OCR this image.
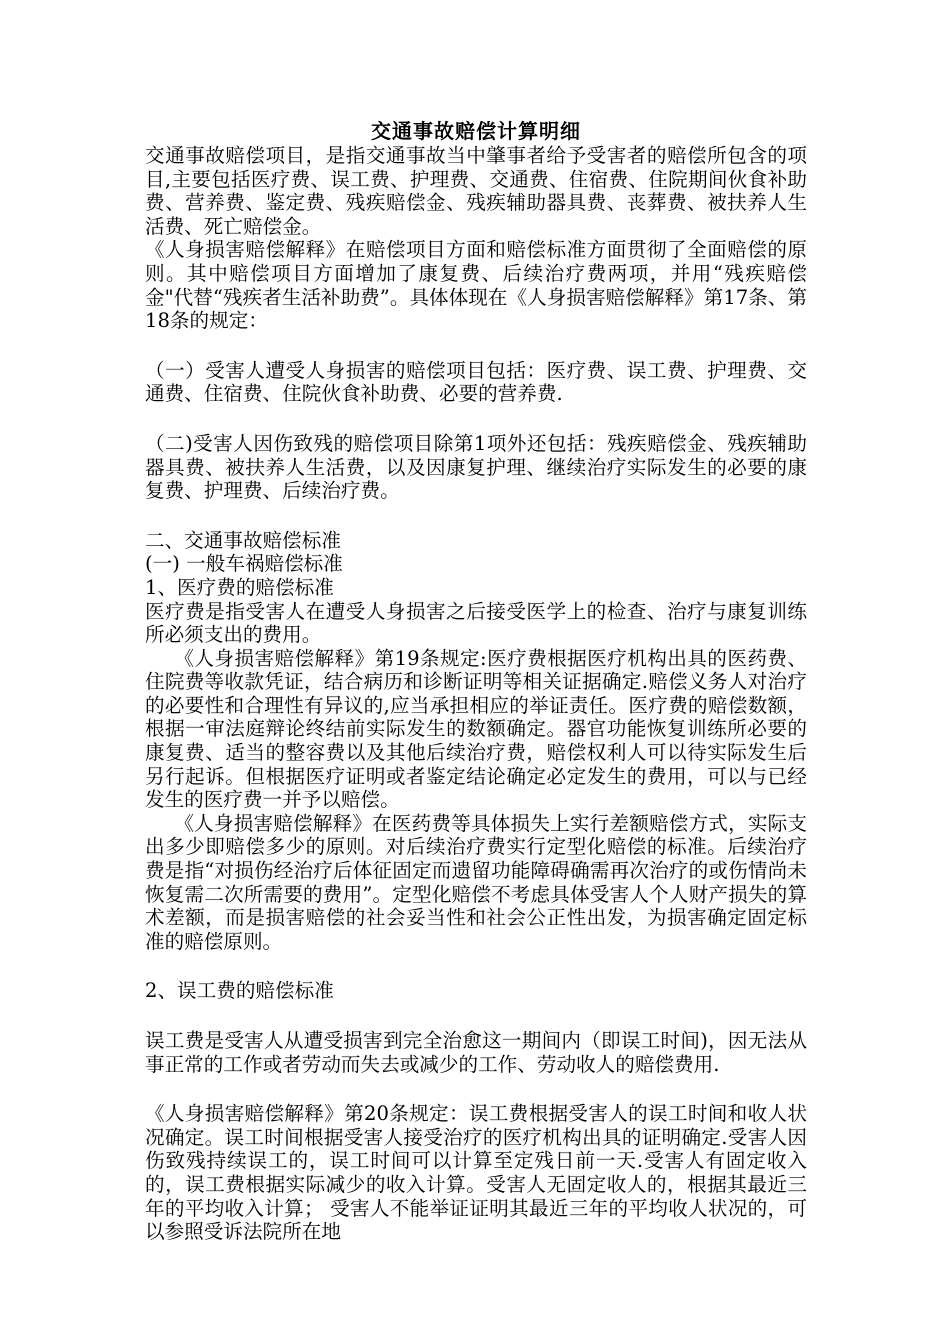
交通事故赔偿计算明细

交通事故赔偿项目，是指交通事故当中肇事者给予受害者的赔偿所包含的项目,主要包括医疗费、误工费、护理费、交通费、住宿费、住院期间伙食补助费、营养费、鉴定费、残疾赔偿金、残疾辅助器具费、丧葬费、被扶养人生活费、死亡赔偿金。

《人身损害赔偿解释》在赔偿项目方面和赔偿标准方面贯彻了全面赔偿的原则。其中赔偿项目方面增加了康复费、后续治疗费两项，并用“残疾赔偿金"代替“残疾者生活补助费”。具体体现在《人身损害赔偿解释》第17条、第18条的规定：

（一）受害人遭受人身损害的赔偿项目包括：医疗费、误工费、护理费、交通费、住宿费、住院伙食补助费、必要的营养费.

（二)受害人因伤致残的赔偿项目除第1项外还包括：残疾赔偿金、残疾辅助器具费、被扶养人生活费，以及因康复护理、继续治疗实际发生的必要的康复费、护理费、后续治疗费。

二、交通事故赔偿标准

(一) 一般车祸赔偿标准

1、医疗费的赔偿标准

医疗费是指受害人在遭受人身损害之后接受医学上的检查、治疗与康复训练所必须支出的费用。

《人身损害赔偿解释》第19条规定:医疗费根据医疗机构出具的医药费、住院费等收款凭证，结合病历和诊断证明等相关证据确定.赔偿义务人对治疗的必要性和合理性有异议的,应当承担相应的举证责任。医疗费的赔偿数额，根据一审法庭辩论终结前实际发生的数额确定。器官功能恢复训练所必要的康复费、适当的整容费以及其他后续治疗费，赔偿权利人可以待实际发生后另行起诉。但根据医疗证明或者鉴定结论确定必定发生的费用，可以与已经发生的医疗费一并予以赔偿。

《人身损害赔偿解释》在医药费等具体损失上实行差额赔偿方式，实际支出多少即赔偿多少的原则。对后续治疗费实行定型化赔偿的标准。后续治疗费是指“对损伤经治疗后体征固定而遗留功能障碍确需再次治疗的或伤情尚未恢复需二次所需要的费用”。定型化赔偿不考虑具体受害人个人财产损失的算术差额，而是损害赔偿的社会妥当性和社会公正性出发，为损害确定固定标准的赔偿原则。

2、误工费的赔偿标准

误工费是受害人从遭受损害到完全治愈这一期间内（即误工时间)，因无法从事正常的工作或者劳动而失去或减少的工作、劳动收人的赔偿费用.

《人身损害赔偿解释》第20条规定：误工费根据受害人的误工时间和收人状况确定。误工时间根据受害人接受治疗的医疗机构出具的证明确定.受害人因伤致残持续误工的，误工时间可以计算至定残日前一天.受害人有固定收入的，误工费根据实际减少的收入计算。受害人无固定收人的，根据其最近三年的平均收入计算； 受害人不能举证证明其最近三年的平均收人状况的，可以参照受诉法院所在地
